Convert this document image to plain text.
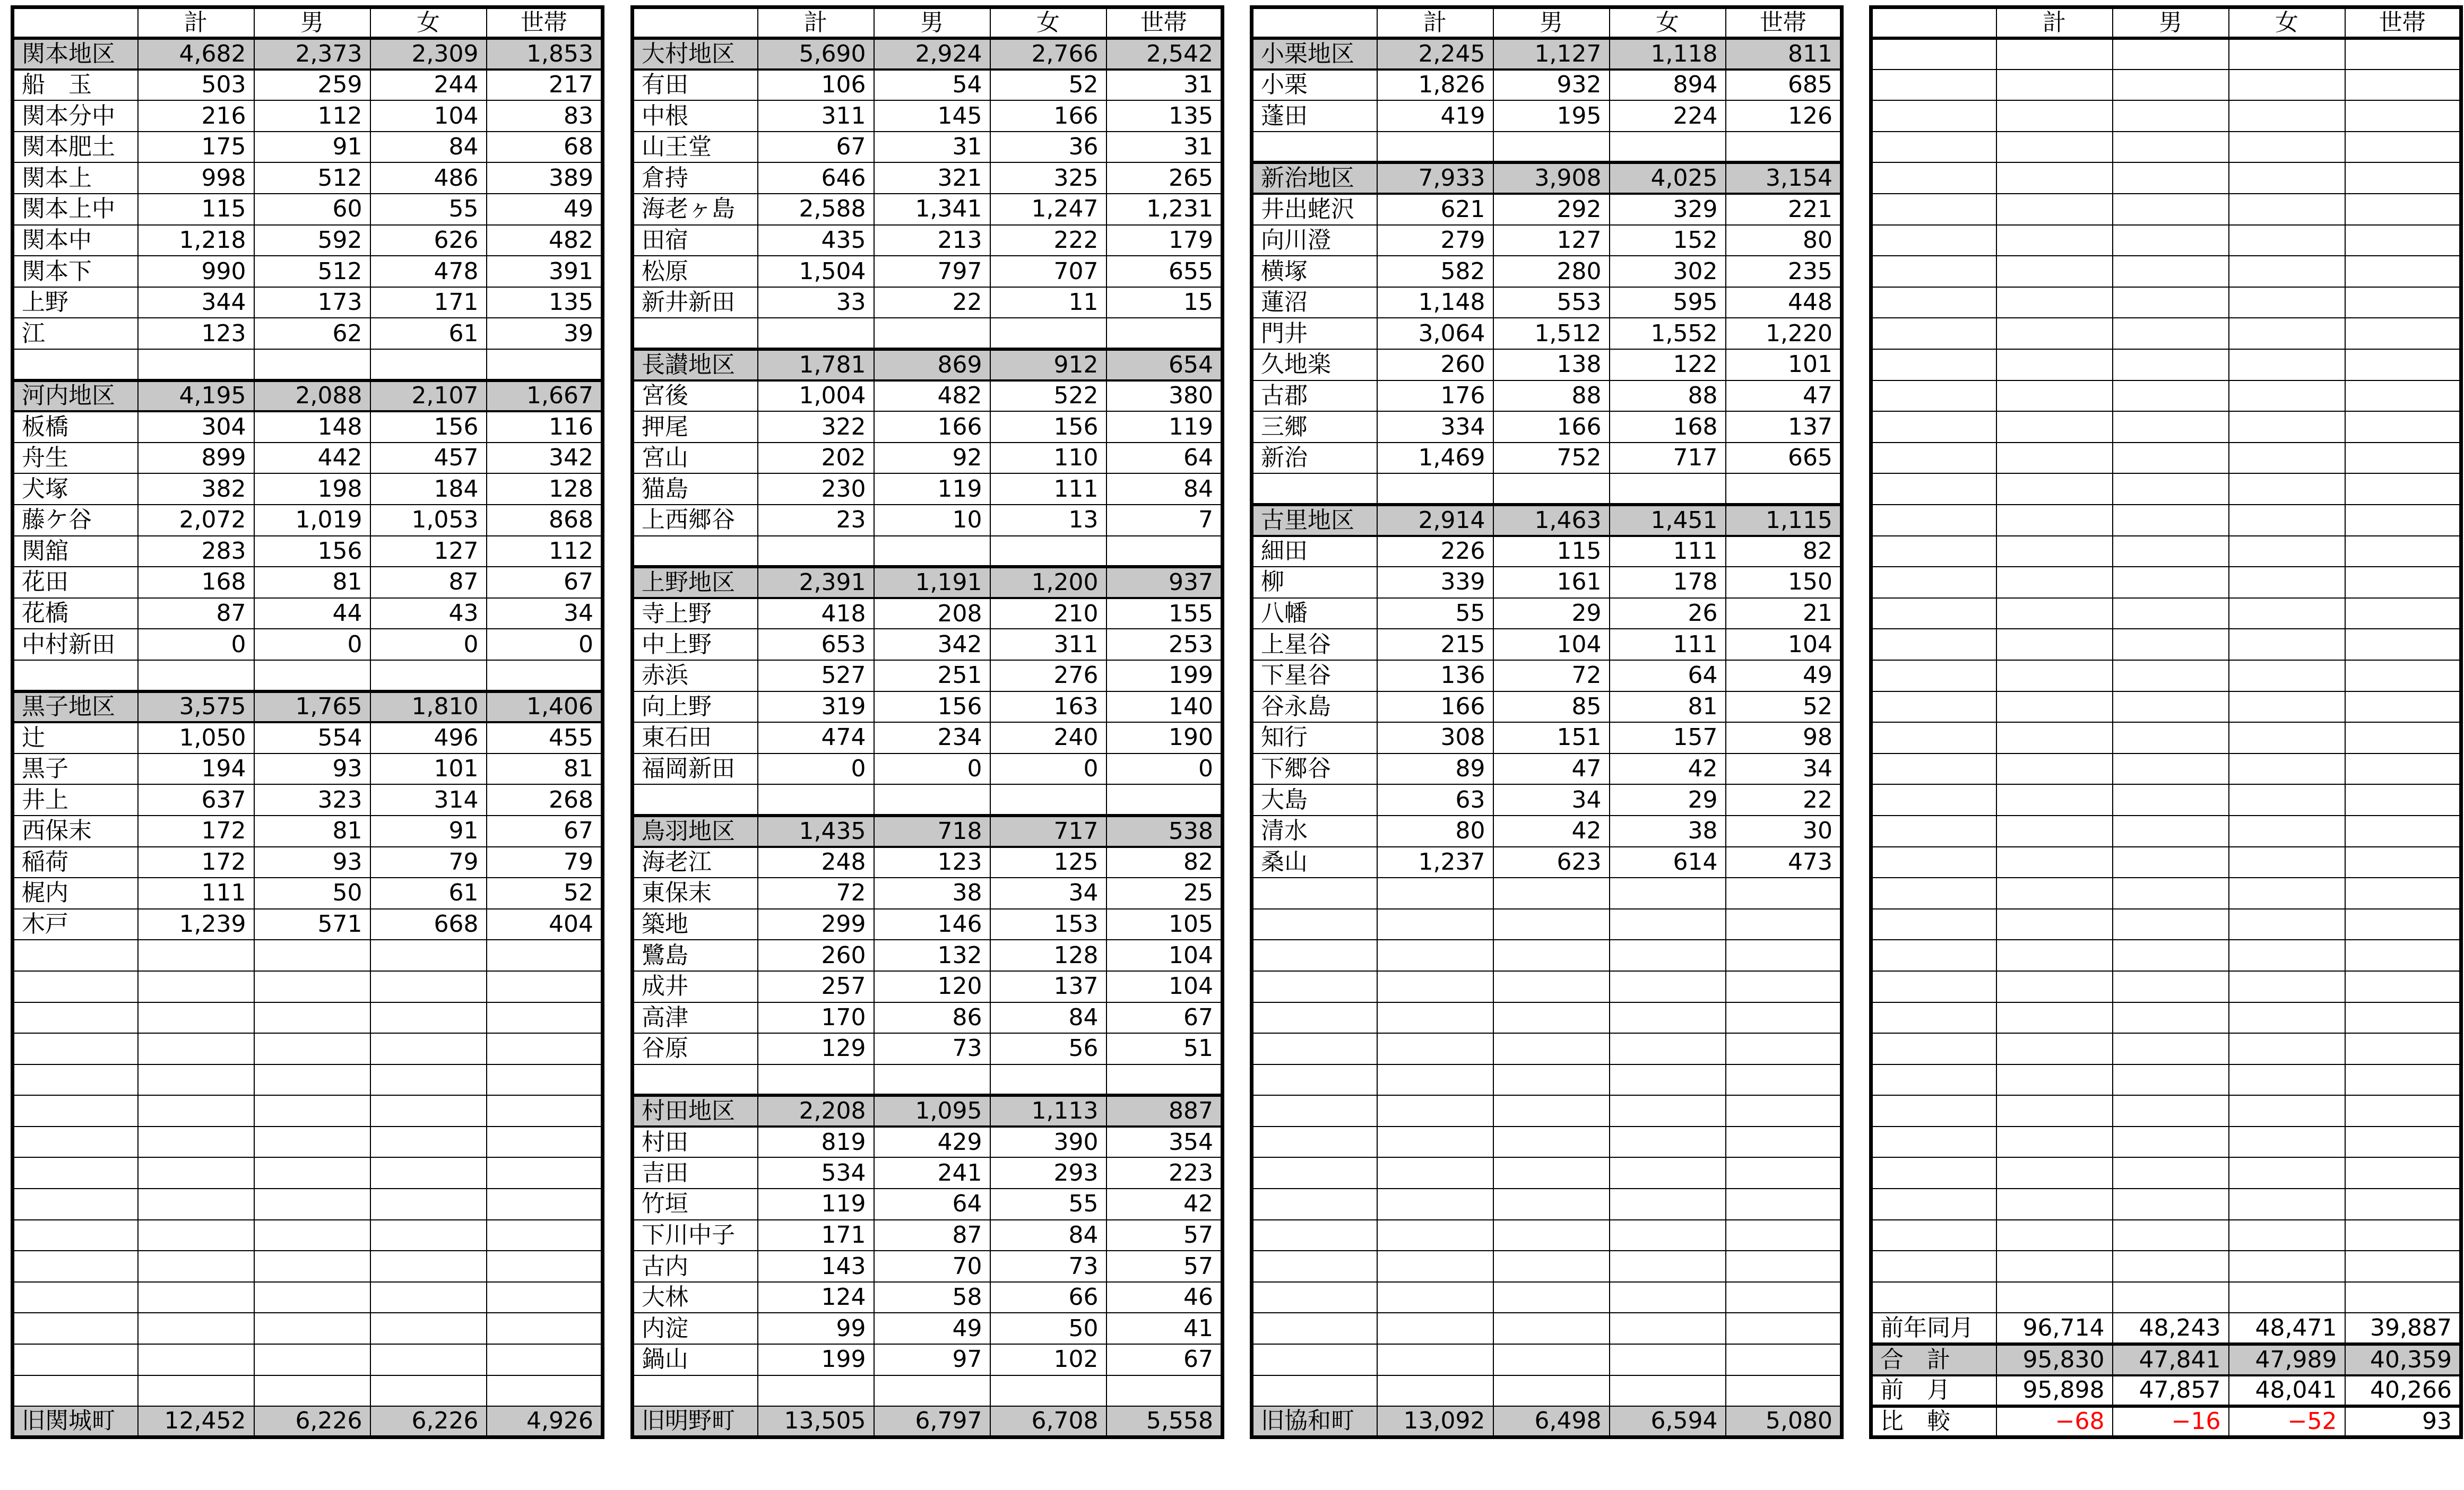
	計	男	女	世帯
関本地区	4,682	2,373	2,309	1,853
船　玉	503	259	244	217
関本分中	216	112	104	83
関本肥土	175	91	84	68
関本上	998	512	486	389
関本上中	115	60	55	49
関本中	1,218	592	626	482
関本下	990	512	478	391
上野	344	173	171	135
江	123	62	61	39

河内地区	4,195	2,088	2,107	1,667
板橋	304	148	156	116
舟生	899	442	457	342
犬塚	382	198	184	128
藤ケ谷	2,072	1,019	1,053	868
関舘	283	156	127	112
花田	168	81	87	67
花橋	87	44	43	34
中村新田	0	0	0	0

黒子地区	3,575	1,765	1,810	1,406
辻	1,050	554	496	455
黒子	194	93	101	81
井上	637	323	314	268
西保末	172	81	91	67
稲荷	172	93	79	79
梶内	111	50	61	52
木戸	1,239	571	668	404

旧関城町	12,452	6,226	6,226	4,926
	計	男	女	世帯
大村地区	5,690	2,924	2,766	2,542
有田	106	54	52	31
中根	311	145	166	135
山王堂	67	31	36	31
倉持	646	321	325	265
海老ヶ島	2,588	1,341	1,247	1,231
田宿	435	213	222	179
松原	1,504	797	707	655
新井新田	33	22	11	15

長讃地区	1,781	869	912	654
宮後	1,004	482	522	380
押尾	322	166	156	119
宮山	202	92	110	64
猫島	230	119	111	84
上西郷谷	23	10	13	7

上野地区	2,391	1,191	1,200	937
寺上野	418	208	210	155
中上野	653	342	311	253
赤浜	527	251	276	199
向上野	319	156	163	140
東石田	474	234	240	190
福岡新田	0	0	0	0

鳥羽地区	1,435	718	717	538
海老江	248	123	125	82
東保末	72	38	34	25
築地	299	146	153	105
鷺島	260	132	128	104
成井	257	120	137	104
高津	170	86	84	67
谷原	129	73	56	51

村田地区	2,208	1,095	1,113	887
村田	819	429	390	354
吉田	534	241	293	223
竹垣	119	64	55	42
下川中子	171	87	84	57
古内	143	70	73	57
大林	124	58	66	46
内淀	99	49	50	41
鍋山	199	97	102	67

旧明野町	13,505	6,797	6,708	5,558
	計	男	女	世帯
小栗地区	2,245	1,127	1,118	811
小栗	1,826	932	894	685
蓬田	419	195	224	126

新治地区	7,933	3,908	4,025	3,154
井出蛯沢	621	292	329	221
向川澄	279	127	152	80
横塚	582	280	302	235
蓮沼	1,148	553	595	448
門井	3,064	1,512	1,552	1,220
久地楽	260	138	122	101
古郡	176	88	88	47
三郷	334	166	168	137
新治	1,469	752	717	665

古里地区	2,914	1,463	1,451	1,115
細田	226	115	111	82
柳	339	161	178	150
八幡	55	29	26	21
上星谷	215	104	111	104
下星谷	136	72	64	49
谷永島	166	85	81	52
知行	308	151	157	98
下郷谷	89	47	42	34
大島	63	34	29	22
清水	80	42	38	30
桑山	1,237	623	614	473

旧協和町	13,092	6,498	6,594	5,080
	計	男	女	世帯

前年同月	96,714	48,243	48,471	39,887
合　計	95,830	47,841	47,989	40,359
前　月	95,898	47,857	48,041	40,266
比　較	−68	−16	−52	93
